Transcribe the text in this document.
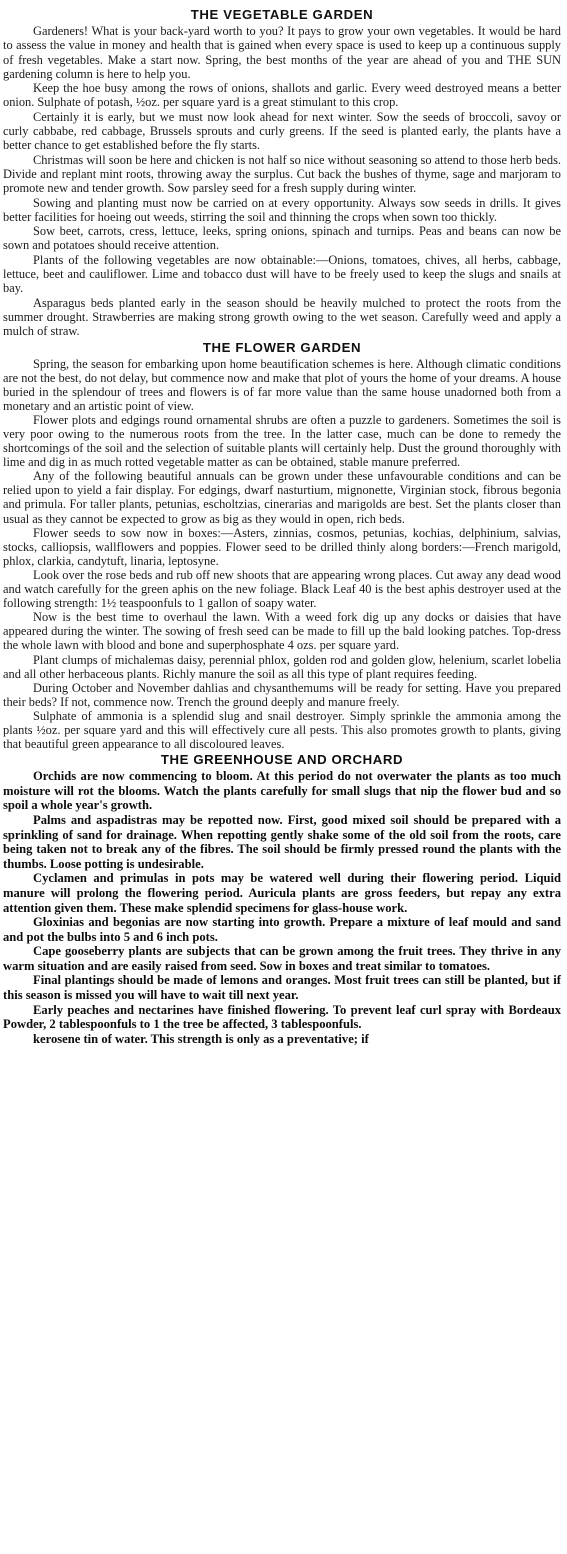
THE VEGETABLE GARDEN

Gardeners! What is your back-yard worth to you? It pays to grow your own vegetables. It would be hard to assess the value in money and health that is gained when every space is used to keep up a continuous supply of fresh vegetables. Make a start now. Spring, the best months of the year are ahead of you and THE SUN gardening column is here to help you.

Keep the hoe busy among the rows of onions, shallots and garlic. Every weed destroyed means a better onion. Sulphate of potash, ½oz. per square yard is a great stimulant to this crop.

Certainly it is early, but we must now look ahead for next winter. Sow the seeds of broccoli, savoy or curly cabbabe, red cabbage, Brussels sprouts and curly greens. If the seed is planted early, the plants have a better chance to get established before the fly starts.

Christmas will soon be here and chicken is not half so nice without seasoning so attend to those herb beds. Divide and replant mint roots, throwing away the surplus. Cut back the bushes of thyme, sage and marjoram to promote new and tender growth. Sow parsley seed for a fresh supply during winter.

Sowing and planting must now be carried on at every opportunity. Always sow seeds in drills. It gives better facilities for hoeing out weeds, stirring the soil and thinning the crops when sown too thickly.

Sow beet, carrots, cress, lettuce, leeks, spring onions, spinach and turnips. Peas and beans can now be sown and potatoes should receive attention.

Plants of the following vegetables are now obtainable:—Onions, tomatoes, chives, all herbs, cabbage, lettuce, beet and cauliflower. Lime and tobacco dust will have to be freely used to keep the slugs and snails at bay.

Asparagus beds planted early in the season should be heavily mulched to protect the roots from the summer drought. Strawberries are making strong growth owing to the wet season. Carefully weed and apply a mulch of straw.

THE FLOWER GARDEN

Spring, the season for embarking upon home beautification schemes is here. Although climatic conditions are not the best, do not delay, but commence now and make that plot of yours the home of your dreams. A house buried in the splendour of trees and flowers is of far more value than the same house unadorned both from a monetary and an artistic point of view.

Flower plots and edgings round ornamental shrubs are often a puzzle to gardeners. Sometimes the soil is very poor owing to the numerous roots from the tree. In the latter case, much can be done to remedy the shortcomings of the soil and the selection of suitable plants will certainly help. Dust the ground thoroughly with lime and dig in as much rotted vegetable matter as can be obtained, stable manure preferred.

Any of the following beautiful annuals can be grown under these unfavourable conditions and can be relied upon to yield a fair display. For edgings, dwarf nasturtium, mignonette, Virginian stock, fibrous begonia and primula. For taller plants, petunias, escholtzias, cinerarias and marigolds are best. Set the plants closer than usual as they cannot be expected to grow as big as they would in open, rich beds.

Flower seeds to sow now in boxes:—Asters, zinnias, cosmos, petunias, kochias, delphinium, salvias, stocks, calliopsis, wallflowers and poppies. Flower seed to be drilled thinly along borders:—French marigold, phlox, clarkia, candytuft, linaria, leptosyne.

Look over the rose beds and rub off new shoots that are appearing wrong places. Cut away any dead wood and watch carefully for the green aphis on the new foliage. Black Leaf 40 is the best aphis destroyer used at the following strength: 1½ teaspoonfuls to 1 gallon of soapy water.

Now is the best time to overhaul the lawn. With a weed fork dig up any docks or daisies that have appeared during the winter. The sowing of fresh seed can be made to fill up the bald looking patches. Top-dress the whole lawn with blood and bone and superphosphate 4 ozs. per square yard.

Plant clumps of michalemas daisy, perennial phlox, golden rod and golden glow, helenium, scarlet lobelia and all other herbaceous plants. Richly manure the soil as all this type of plant requires feeding.

During October and November dahlias and chysanthemums will be ready for setting. Have you prepared their beds? If not, commence now. Trench the ground deeply and manure freely.

Sulphate of ammonia is a splendid slug and snail destroyer. Simply sprinkle the ammonia among the plants ½oz. per square yard and this will effectively cure all pests. This also promotes growth to plants, giving that beautiful green appearance to all discoloured leaves.

THE GREENHOUSE AND ORCHARD

Orchids are now commencing to bloom. At this period do not overwater the plants as too much moisture will rot the blooms. Watch the plants carefully for small slugs that nip the flower bud and so spoil a whole year's growth.

Palms and aspadistras may be repotted now. First, good mixed soil should be prepared with a sprinkling of sand for drainage. When repotting gently shake some of the old soil from the roots, care being taken not to break any of the fibres. The soil should be firmly pressed round the plants with the thumbs. Loose potting is undesirable.

Cyclamen and primulas in pots may be watered well during their flowering period. Liquid manure will prolong the flowering period. Auricula plants are gross feeders, but repay any extra attention given them. These make splendid specimens for glass-house work.

Gloxinias and begonias are now starting into growth. Prepare a mixture of leaf mould and sand and pot the bulbs into 5 and 6 inch pots.

Cape gooseberry plants are subjects that can be grown among the fruit trees. They thrive in any warm situation and are easily raised from seed. Sow in boxes and treat similar to tomatoes.

Final plantings should be made of lemons and oranges. Most fruit trees can still be planted, but if this season is missed you will have to wait till next year.

Early peaches and nectarines have finished flowering. To prevent leaf curl spray with Bordeaux Powder, 2 tablespoonfuls to 1 the tree be affected, 3 tablespoonfuls.

kerosene tin of water. This strength is only as a preventative; if
